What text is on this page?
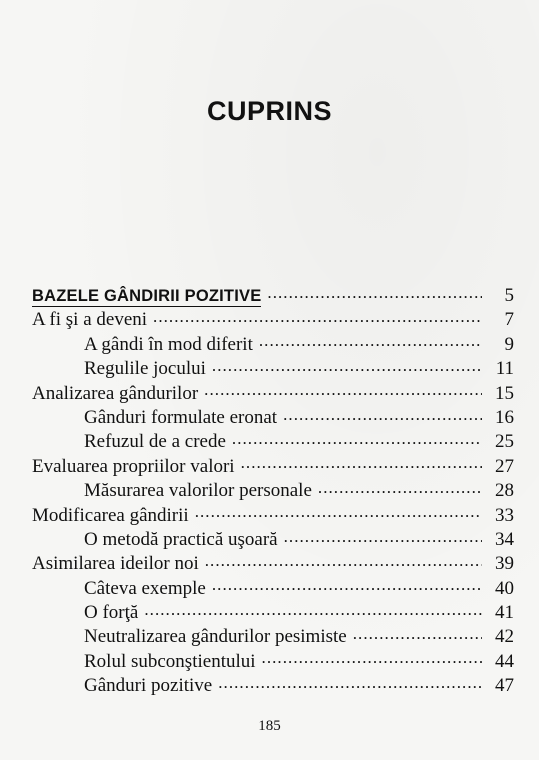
CUPRINS
BAZELE GÂNDIRII POZITIVE . . .	5
A fi şi a deveni . . .	7
A gândi în mod diferit . . .	9
Regulile jocului . . .	11
Analizarea gândurilor . . .	15
Gânduri formulate eronat . . .	16
Refuzul de a crede . . .	25
Evaluarea propriilor valori . . .	27
Măsurarea valorilor personale . . .	28
Modificarea gândirii . . .	33
O metodă practică uşoară . . .	34
Asimilarea ideilor noi . . .	39
Câteva exemple . . .	40
O forţă . . .	41
Neutralizarea gândurilor pesimiste . . .	42
Rolul subconştientului . . .	44
Gânduri pozitive . . .	47
185
